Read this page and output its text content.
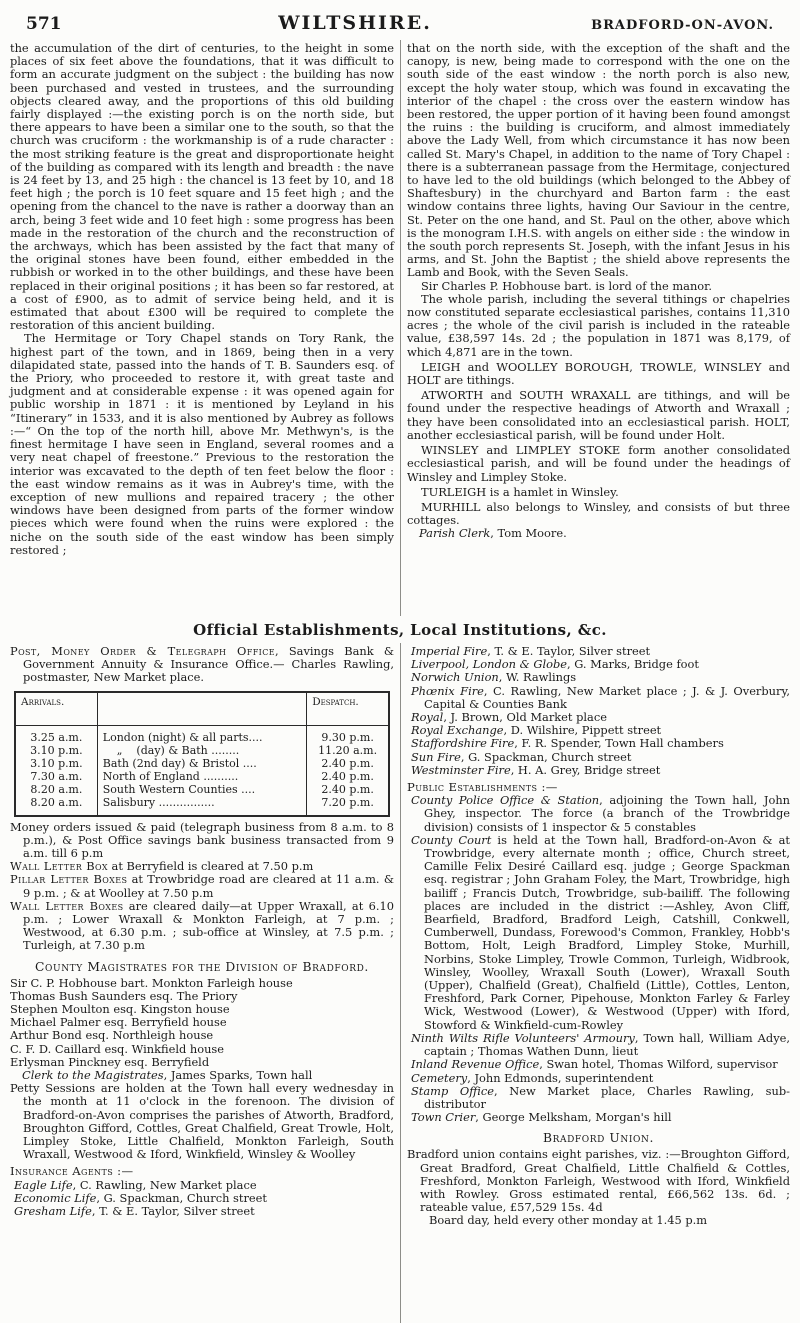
571	WILTSHIRE.	BRADFORD-ON-AVON.

the accumulation of the dirt of centuries, to the height in some places of six feet above the foundations, that it was difficult to form an accurate judgment on the subject : the building has now been purchased and vested in trustees, and the surrounding objects cleared away, and the proportions of this old building fairly displayed :—the existing porch is on the north side, but there appears to have been a similar one to the south, so that the church was cruciform : the workmanship is of a rude character : the most striking feature is the great and disproportionate height of the building as compared with its length and breadth : the nave is 24 feet by 13, and 25 high : the chancel is 13 feet by 10, and 18 feet high ; the porch is 10 feet square and 15 feet high ; and the opening from the chancel to the nave is rather a doorway than an arch, being 3 feet wide and 10 feet high : some progress has been made in the restoration of the church and the reconstruction of the archways, which has been assisted by the fact that many of the original stones have been found, either embedded in the rubbish or worked in to the other buildings, and these have been replaced in their original positions ; it has been so far restored, at a cost of £900, as to admit of service being held, and it is estimated that about £300 will be required to complete the restoration of this ancient building.

The Hermitage or Tory Chapel stands on Tory Rank, the highest part of the town, and in 1869, being then in a very dilapidated state, passed into the hands of T. B. Saunders esq. of the Priory, who proceeded to restore it, with great taste and judgment and at considerable expense : it was opened again for public worship in 1871 : it is mentioned by Leyland in his “Itinerary” in 1533, and it is also mentioned by Aubrey as follows :—“ On the top of the north hill, above Mr. Methwyn's, is the finest hermitage I have seen in England, several roomes and a very neat chapel of freestone.” Previous to the restoration the interior was excavated to the depth of ten feet below the floor : the east window remains as it was in Aubrey's time, with the exception of new mullions and repaired tracery ; the other windows have been designed from parts of the former window pieces which were found when the ruins were explored : the niche on the south side of the east window has been simply restored ;

that on the north side, with the exception of the shaft and the canopy, is new, being made to correspond with the one on the south side of the east window : the north porch is also new, except the holy water stoup, which was found in excavating the interior of the chapel : the cross over the eastern window has been restored, the upper portion of it having been found amongst the ruins : the building is cruciform, and almost immediately above the Lady Well, from which circumstance it has now been called St. Mary's Chapel, in addition to the name of Tory Chapel : there is a subterranean passage from the Hermitage, conjectured to have led to the old buildings (which belonged to the Abbey of Shaftesbury) in the churchyard and Barton farm : the east window contains three lights, having Our Saviour in the centre, St. Peter on the one hand, and St. Paul on the other, above which is the monogram I.H.S. with angels on either side : the window in the south porch represents St. Joseph, with the infant Jesus in his arms, and St. John the Baptist ; the shield above represents the Lamb and Book, with the Seven Seals.

Sir Charles P. Hobhouse bart. is lord of the manor.

The whole parish, including the several tithings or chapelries now constituted separate ecclesiastical parishes, contains 11,310 acres ; the whole of the civil parish is included in the rateable value, £38,597 14s. 2d ; the population in 1871 was 8,179, of which 4,871 are in the town.

LEIGH and WOOLLEY BOROUGH, TROWLE, WINSLEY and HOLT are tithings.

ATWORTH and SOUTH WRAXALL are tithings, and will be found under the respective headings of Atworth and Wraxall ; they have been consolidated into an ecclesiastical parish. HOLT, another ecclesiastical parish, will be found under Holt.

WINSLEY and LIMPLEY STOKE form another consolidated ecclesiastical parish, and will be found under the headings of Winsley and Limpley Stoke.

TURLEIGH is a hamlet in Winsley.

MURHILL also belongs to Winsley, and consists of but three cottages.

Parish Clerk, Tom Moore.

Official Establishments, Local Institutions, &c.

Post, Money Order & Telegraph Office, Savings Bank & Government Annuity & Insurance Office.— Charles Rawling, postmaster, New Market place.

Arrivals.		Despatch.
3.25 a.m.	London (night) & all parts....	9.30 p.m.
3.10 p.m.	„    (day) & Bath ........	11.20 a.m.
3.10 p.m.	Bath (2nd day) & Bristol ....	2.40 p.m.
7.30 a.m.	North of England ..........	2.40 p.m.
8.20 a.m.	South Western Counties ....	2.40 p.m.
8.20 a.m.	Salisbury ................	7.20 p.m.

Money orders issued & paid (telegraph business from 8 a.m. to 8 p.m.), & Post Office savings bank business transacted from 9 a.m. till 6 p.m

Wall Letter Box at Berryfield is cleared at 7.50 p.m

Pillar Letter Boxes at Trowbridge road are cleared at 11 a.m. & 9 p.m. ; & at Woolley at 7.50 p.m

Wall Letter Boxes are cleared daily—at Upper Wraxall, at 6.10 p.m. ; Lower Wraxall & Monkton Farleigh, at 7 p.m. ; Westwood, at 6.30 p.m. ; sub-office at Winsley, at 7.5 p.m. ; Turleigh, at 7.30 p.m

County Magistrates for the Division of Bradford.

Sir C. P. Hobhouse bart. Monkton Farleigh house

Thomas Bush Saunders esq. The Priory

Stephen Moulton esq. Kingston house

Michael Palmer esq. Berryfield house

Arthur Bond esq. Northleigh house

C. F. D. Caillard esq. Winkfield house

Erlysman Pinckney esq. Berryfield

Clerk to the Magistrates, James Sparks, Town hall

Petty Sessions are holden at the Town hall every wednesday in the month at 11 o'clock in the forenoon. The division of Bradford-on-Avon comprises the parishes of Atworth, Bradford, Broughton Gifford, Cottles, Great Chalfield, Great Trowle, Holt, Limpley Stoke, Little Chalfield, Monkton Farleigh, South Wraxall, Westwood & Iford, Winkfield, Winsley & Woolley

Insurance Agents :—

Eagle Life, C. Rawling, New Market place

Economic Life, G. Spackman, Church street

Gresham Life, T. & E. Taylor, Silver street

Imperial Fire, T. & E. Taylor, Silver street

Liverpool, London & Globe, G. Marks, Bridge foot

Norwich Union, W. Rawlings

Phœnix Fire, C. Rawling, New Market place ; J. & J. Overbury, Capital & Counties Bank

Royal, J. Brown, Old Market place

Royal Exchange, D. Wilshire, Pippett street

Staffordshire Fire, F. R. Spender, Town Hall chambers

Sun Fire, G. Spackman, Church street

Westminster Fire, H. A. Grey, Bridge street

Public Establishments :—

County Police Office & Station, adjoining the Town hall, John Ghey, inspector. The force (a branch of the Trowbridge division) consists of 1 inspector & 5 constables

County Court is held at the Town hall, Bradford-on-Avon & at Trowbridge, every alternate month ; office, Church street, Camille Felix Desiré Caillard esq. judge ; George Spackman esq. registrar ; John Graham Foley, the Mart, Trowbridge, high bailiff ; Francis Dutch, Trowbridge, sub-bailiff. The following places are included in the district :—Ashley, Avon Cliff, Bearfield, Bradford, Bradford Leigh, Catshill, Conkwell, Cumberwell, Dundass, Forewood's Common, Frankley, Hobb's Bottom, Holt, Leigh Bradford, Limpley Stoke, Murhill, Norbins, Stoke Limpley, Trowle Common, Turleigh, Widbrook, Winsley, Woolley, Wraxall South (Lower), Wraxall South (Upper), Chalfield (Great), Chalfield (Little), Cottles, Lenton, Freshford, Park Corner, Pipehouse, Monkton Farley & Farley Wick, Westwood (Lower), & Westwood (Upper) with Iford, Stowford & Winkfield-cum-Rowley

Ninth Wilts Rifle Volunteers' Armoury, Town hall, William Adye, captain ; Thomas Wathen Dunn, lieut

Inland Revenue Office, Swan hotel, Thomas Wilford, supervisor

Cemetery, John Edmonds, superintendent

Stamp Office, New Market place, Charles Rawling, sub-distributor

Town Crier, George Melksham, Morgan's hill

Bradford Union.

Bradford union contains eight parishes, viz. :—Broughton Gifford, Great Bradford, Great Chalfield, Little Chalfield & Cottles, Freshford, Monkton Farleigh, Westwood with Iford, Winkfield with Rowley. Gross estimated rental, £66,562 13s. 6d. ; rateable value, £57,529 15s. 4d

Board day, held every other monday at 1.45 p.m
